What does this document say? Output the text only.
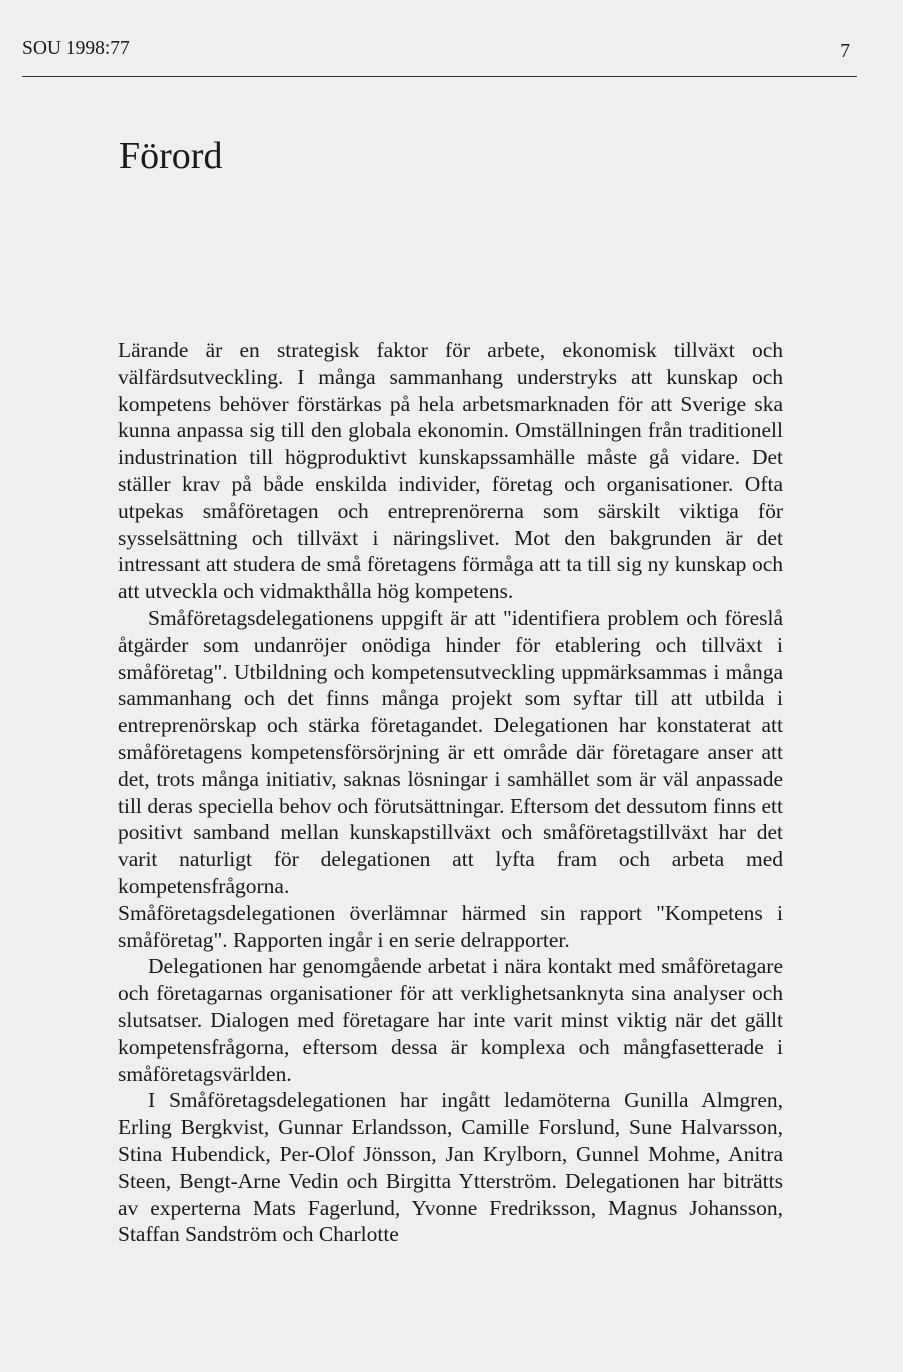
SOU 1998:77	7
Förord

Lärande är en strategisk faktor för arbete, ekonomisk tillväxt och välfärdsutveckling. I många sammanhang understryks att kunskap och kompetens behöver förstärkas på hela arbetsmarknaden för att Sverige ska kunna anpassa sig till den globala ekonomin. Omställningen från traditionell industrination till högproduktivt kunskapssamhälle måste gå vidare. Det ställer krav på både enskilda individer, företag och organisationer. Ofta utpekas småföretagen och entreprenörerna som särskilt viktiga för sysselsättning och tillväxt i näringslivet. Mot den bakgrunden är det intressant att studera de små företagens förmåga att ta till sig ny kunskap och att utveckla och vidmakthålla hög kompetens.

Småföretagsdelegationens uppgift är att "identifiera problem och föreslå åtgärder som undanröjer onödiga hinder för etablering och tillväxt i småföretag". Utbildning och kompetensutveckling uppmärksammas i många sammanhang och det finns många projekt som syftar till att utbilda i entreprenörskap och stärka företagandet. Delegationen har konstaterat att småföretagens kompetensförsörjning är ett område där företagare anser att det, trots många initiativ, saknas lösningar i samhället som är väl anpassade till deras speciella behov och förutsättningar. Eftersom det dessutom finns ett positivt samband mellan kunskapstillväxt och småföretagstillväxt har det varit naturligt för delegationen att lyfta fram och arbeta med kompetensfrågorna.

Småföretagsdelegationen överlämnar härmed sin rapport "Kompetens i småföretag". Rapporten ingår i en serie delrapporter.

Delegationen har genomgående arbetat i nära kontakt med småföretagare och företagarnas organisationer för att verklighetsanknyta sina analyser och slutsatser. Dialogen med företagare har inte varit minst viktig när det gällt kompetensfrågorna, eftersom dessa är komplexa och mångfasetterade i småföretagsvärlden.

I Småföretagsdelegationen har ingått ledamöterna Gunilla Almgren, Erling Bergkvist, Gunnar Erlandsson, Camille Forslund, Sune Halvarsson, Stina Hubendick, Per-Olof Jönsson, Jan Krylborn, Gunnel Mohme, Anitra Steen, Bengt-Arne Vedin och Birgitta Ytterström. Delegationen har biträtts av experterna Mats Fagerlund, Yvonne Fredriksson, Magnus Johansson, Staffan Sandström och Charlotte
